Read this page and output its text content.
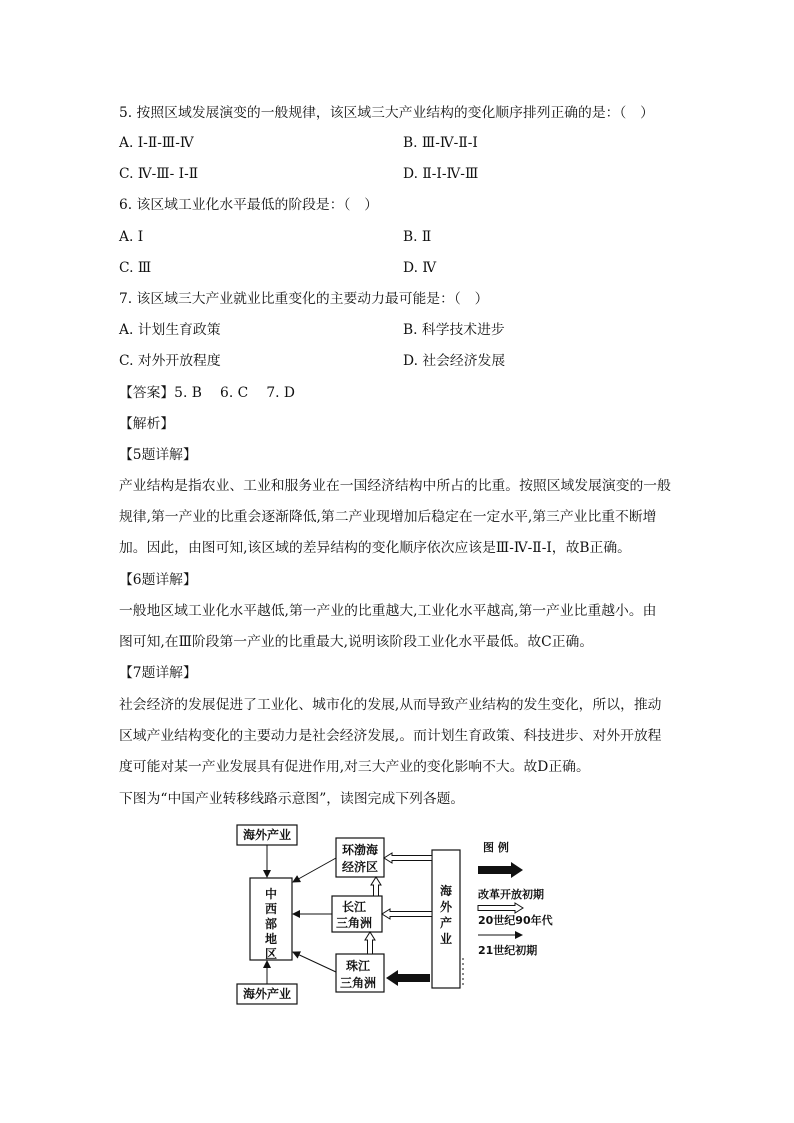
5. 按照区域发展演变的一般规律，该区域三大产业结构的变化顺序排列正确的是：（　）
A. Ⅰ-Ⅱ-Ⅲ-Ⅳ	B. Ⅲ-Ⅳ-Ⅱ-Ⅰ
C. Ⅳ-Ⅲ- Ⅰ-Ⅱ	D. Ⅱ-Ⅰ-Ⅳ-Ⅲ
6. 该区域工业化水平最低的阶段是：（　）
A. Ⅰ	B. Ⅱ
C. Ⅲ	D. Ⅳ
7. 该区域三大产业就业比重变化的主要动力最可能是：（　）
A. 计划生育政策	B. 科学技术进步
C. 对外开放程度	D. 社会经济发展
【答案】5. B　 6. C　 7. D
【解析】
【5题详解】
产业结构是指农业、工业和服务业在一国经济结构中所占的比重。按照区域发展演变的一般
规律,第一产业的比重会逐渐降低,第二产业现增加后稳定在一定水平,第三产业比重不断增
加。因此，由图可知,该区域的差异结构的变化顺序依次应该是Ⅲ-Ⅳ-Ⅱ-Ⅰ，故B正确。
【6题详解】
一般地区域工业化水平越低,第一产业的比重越大,工业化水平越高,第一产业比重越小。由
图可知,在Ⅲ阶段第一产业的比重最大,说明该阶段工业化水平最低。故C正确。
【7题详解】
社会经济的发展促进了工业化、城市化的发展,从而导致产业结构的发生变化，所以，推动
区域产业结构变化的主要动力是社会经济发展,。而计划生育政策、科技进步、对外开放程
度可能对某一产业发展具有促进作用,对三大产业的变化影响不大。故D正确。
下图为“中国产业转移线路示意图”，读图完成下列各题。
海外产业
中西部地区
海外产业
环渤海
经济区
长江
三角洲
珠江
三角洲
海外产业
图 例
改革开放初期
20世纪90年代
21世纪初期
